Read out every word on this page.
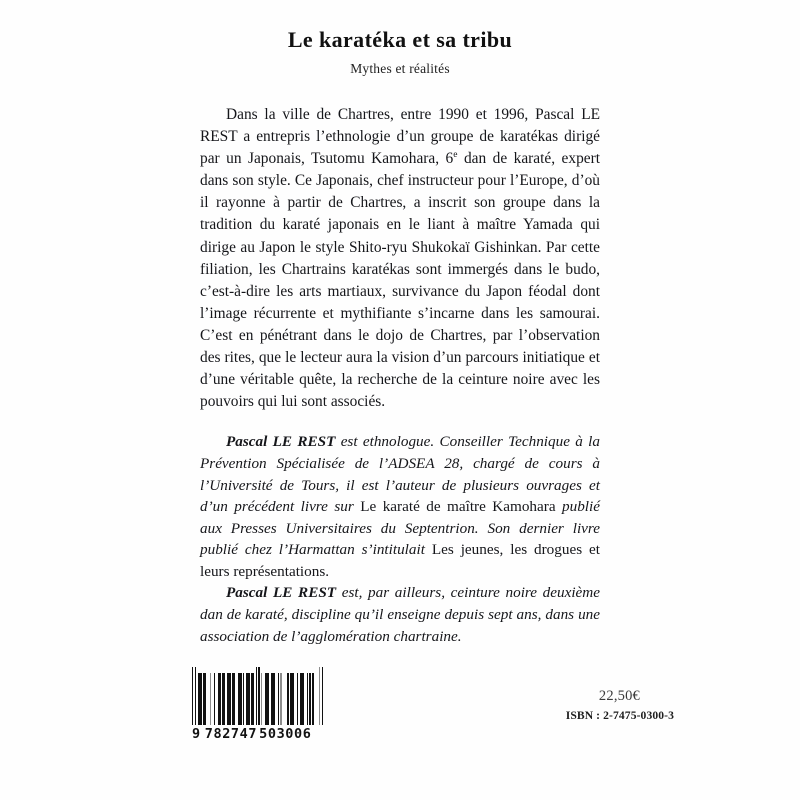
Le karatéka et sa tribu
Mythes et réalités

Dans la ville de Chartres, entre 1990 et 1996, Pascal LE REST a entrepris l’ethnologie d’un groupe de karatékas dirigé par un Japonais, Tsutomu Kamohara, 6e dan de karaté, expert dans son style. Ce Japonais, chef instructeur pour l’Europe, d’où il rayonne à partir de Chartres, a inscrit son groupe dans la tradition du karaté japonais en le liant à maître Yamada qui dirige au Japon le style Shito-ryu Shukokaï Gishinkan. Par cette filiation, les Chartrains karatékas sont immergés dans le budo, c’est-à-dire les arts martiaux, survivance du Japon féodal dont l’image récurrente et mythifiante s’incarne dans les samourai. C’est en pénétrant dans le dojo de Chartres, par l’observation des rites, que le lecteur aura la vision d’un parcours initiatique et d’une véritable quête, la recherche de la ceinture noire avec les pouvoirs qui lui sont associés.

Pascal LE REST est ethnologue. Conseiller Technique à la Prévention Spécialisée de l’ADSEA 28, chargé de cours à l’Université de Tours, il est l’auteur de plusieurs ouvrages et d’un précédent livre sur Le karaté de maître Kamohara publié aux Presses Universitaires du Septentrion. Son dernier livre publié chez l’Harmattan s’intitulait Les jeunes, les drogues et leurs représentations.

Pascal LE REST est, par ailleurs, ceinture noire deuxième dan de karaté, discipline qu’il enseigne depuis sept ans, dans une association de l’agglomération chartraine.

9 782747 503006
22,50€
ISBN : 2-7475-0300-3
